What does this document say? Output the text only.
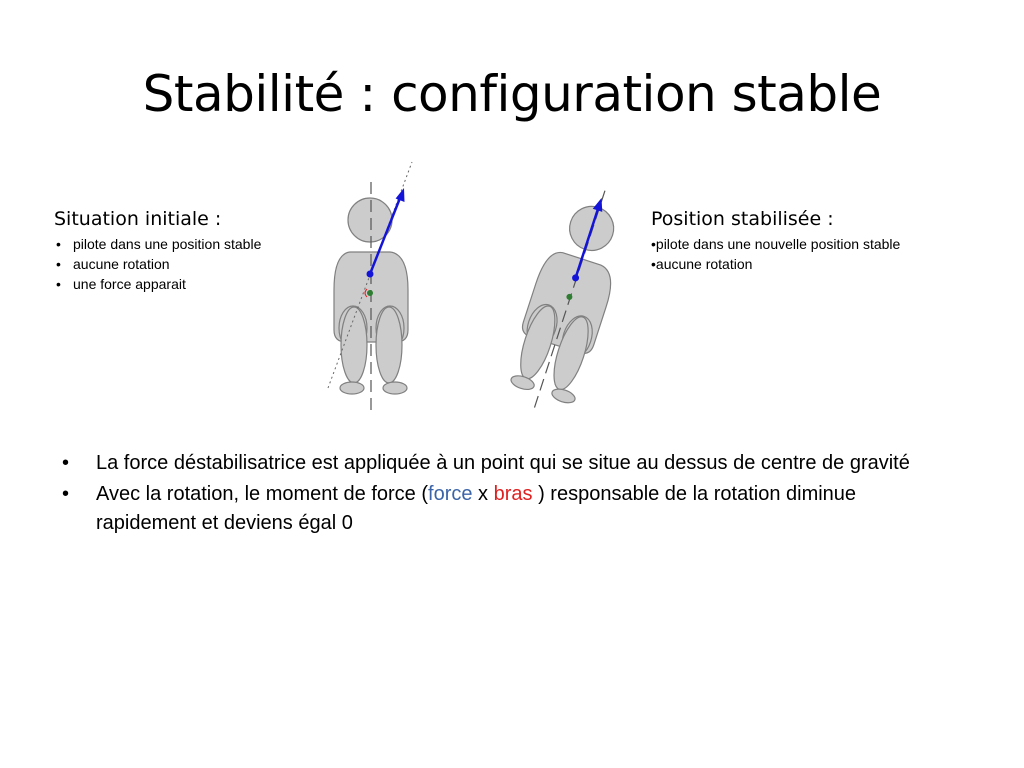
Stabilité : configuration stable
Situation initiale :
• pilote dans une position stable
• aucune rotation
• une force apparait
Position stabilisée :
•pilote dans une nouvelle position stable
•aucune rotation
• La force déstabilisatrice est appliquée à un point qui se situe au dessus de centre de gravité
• Avec la rotation, le moment de force (force x bras ) responsable de la rotation diminue rapidement et deviens égal 0
